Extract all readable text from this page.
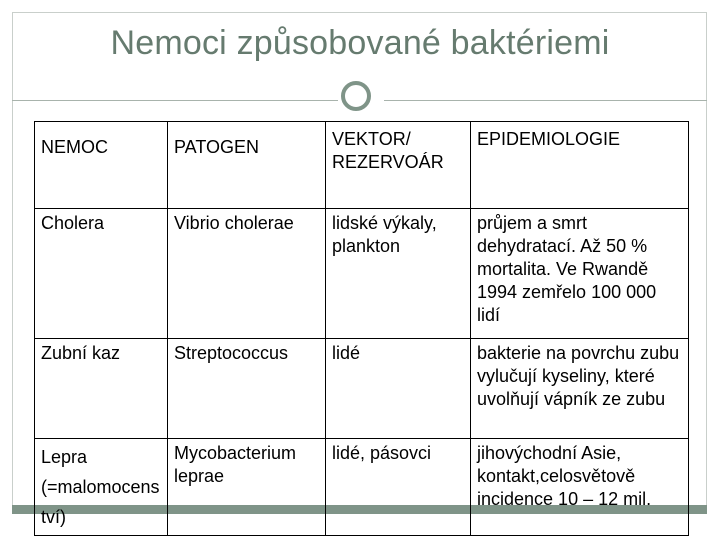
Nemoci způsobované baktériemi
NEMOC	PATOGEN	VEKTOR/ REZERVOÁR	EPIDEMIOLOGIE
Cholera	Vibrio cholerae	lidské výkaly, plankton	průjem a smrt dehydratací. Až 50 % mortalita. Ve Rwandě 1994 zemřelo 100 000 lidí
Zubní kaz	Streptococcus	lidé	bakterie na povrchu zubu vylučují kyseliny, které uvolňují vápník ze zubu
Lepra (=malomocenství)	Mycobacterium leprae	lidé, pásovci	jihovýchodní Asie, kontakt,celosvětově incidence 10 – 12 mil.
